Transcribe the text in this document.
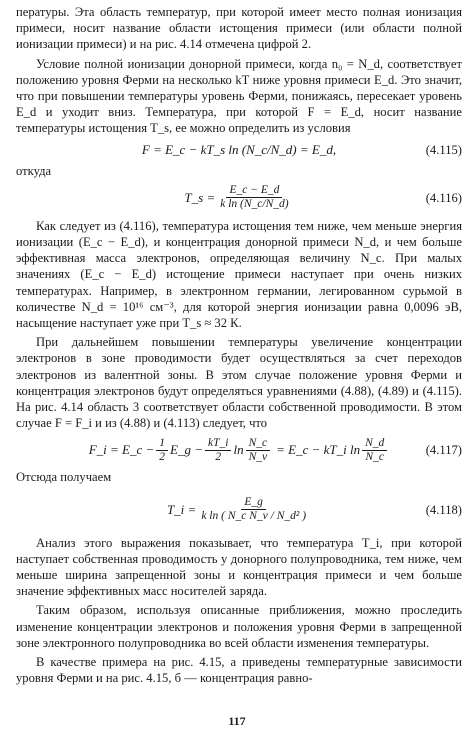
пературы. Эта область температур, при которой имеет место полная ионизация примеси, носит название области истощения примеси (или области полной ионизации примеси) и на рис. 4.14 отмечена цифрой 2.

Условие полной ионизации донорной примеси, когда n₀ = N_d, соответствует положению уровня Ферми на несколько kT ниже уровня примеси E_d. Это значит, что при повышении температуры уровень Ферми, понижаясь, пересекает уровень E_d и уходит вниз. Температура, при которой F = E_d, носит название температуры истощения T_s, ее можно определить из условия

F = E_c − kT_s ln (N_c/N_d) = E_d,	(4.115)

откуда

T_s = $\frac{E\_c - E\_d}{\text{k ln (N\_c/N\_d)}}$	(4.116)

Как следует из (4.116), температура истощения тем ниже, чем меньше энергия ионизации (E_c − E_d), и концентрация донорной примеси N_d, и чем больше эффективная масса электронов, определяющая величину N_c. При малых значениях (E_c − E_d) истощение примеси наступает при очень низких температурах. Например, в электронном германии, легированном сурьмой в количестве N_d = 10¹⁶ см⁻³, для которой энергия ионизации равна 0,0096 эВ, насыщение наступает уже при T_s ≈ 32 К.

При дальнейшем повышении температуры увеличение концентрации электронов в зоне проводимости будет осуществляться за счет переходов электронов из валентной зоны. В этом случае положение уровня Ферми и концентрация электронов будут определяться уравнениями (4.88), (4.89) и (4.115). На рис. 4.14 область 3 соответствует области собственной проводимости. В этом случае F = F_i и из (4.88) и (4.113) следует, что

F_i = E_c − $\frac{1}{2}$ E_g − $\frac{kT\_i}{2}$ $\ln \frac{N\_c}{N\_v}$ = E_c − kT_i $\ln \frac{N\_d}{N\_c}$	(4.117)

Отсюда получаем

T_i = $\frac{E\_g}{\text{k ln ( N\_c N\_v / N\_d² )}}$	(4.118)

Анализ этого выражения показывает, что температура T_i, при которой наступает собственная проводимость у донорного полупроводника, тем ниже, чем меньше ширина запрещенной зоны и концентрация примеси и чем больше значение эффективных масс носителей заряда.

Таким образом, используя описанные приближения, можно проследить изменение концентрации электронов и положения уровня Ферми в запрещенной зоне электронного полупроводника во всей области изменения температуры.

В качестве примера на рис. 4.15, а приведены температурные зависимости уровня Ферми и на рис. 4.15, б — концентрация равно-

117
